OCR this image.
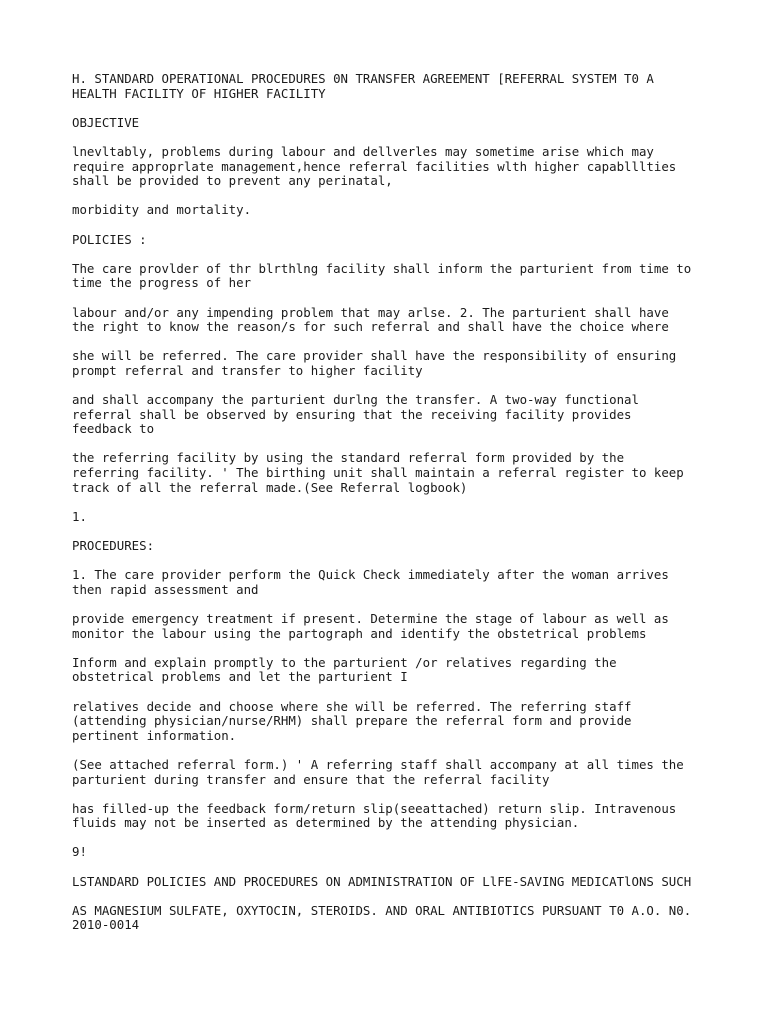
H. STANDARD OPERATIONAL PROCEDURES 0N TRANSFER AGREEMENT [REFERRAL SYSTEM T0 A
HEALTH FACILITY OF HIGHER FACILITY

OBJECTIVE

lnevltably, problems during labour and dellverles may sometime arise which may
require approprlate management,hence referral facilities wlth higher capablllties
shall be provided to prevent any perinatal,

morbidity and mortality.

POLICIES :

The care provlder of thr blrthlng facility shall inform the parturient from time to
time the progress of her

labour and/or any impending problem that may arlse. 2. The parturient shall have
the right to know the reason/s for such referral and shall have the choice where

she will be referred. The care provider shall have the responsibility of ensuring
prompt referral and transfer to higher facility

and shall accompany the parturient durlng the transfer. A two-way functional
referral shall be observed by ensuring that the receiving facility provides
feedback to

the referring facility by using the standard referral form provided by the
referring facility. ' The birthing unit shall maintain a referral register to keep
track of all the referral made.(See Referral logbook)

1.

PROCEDURES:

1. The care provider perform the Quick Check immediately after the woman arrives
then rapid assessment and

provide emergency treatment if present. Determine the stage of labour as well as
monitor the labour using the partograph and identify the obstetrical problems

Inform and explain promptly to the parturient /or relatives regarding the
obstetrical problems and let the parturient I

relatives decide and choose where she will be referred. The referring staff
(attending physician/nurse/RHM) shall prepare the referral form and provide
pertinent information.

(See attached referral form.) ' A referring staff shall accompany at all times the
parturient during transfer and ensure that the referral facility

has filled-up the feedback form/return slip(seeattached) return slip. Intravenous
fluids may not be inserted as determined by the attending physician.

9!

LSTANDARD POLICIES AND PROCEDURES ON ADMINISTRATION OF LlFE-SAVING MEDICATlONS SUCH

AS MAGNESIUM SULFATE, OXYTOCIN, STEROIDS. AND ORAL ANTIBIOTICS PURSUANT T0 A.O. N0.
2010-0014
